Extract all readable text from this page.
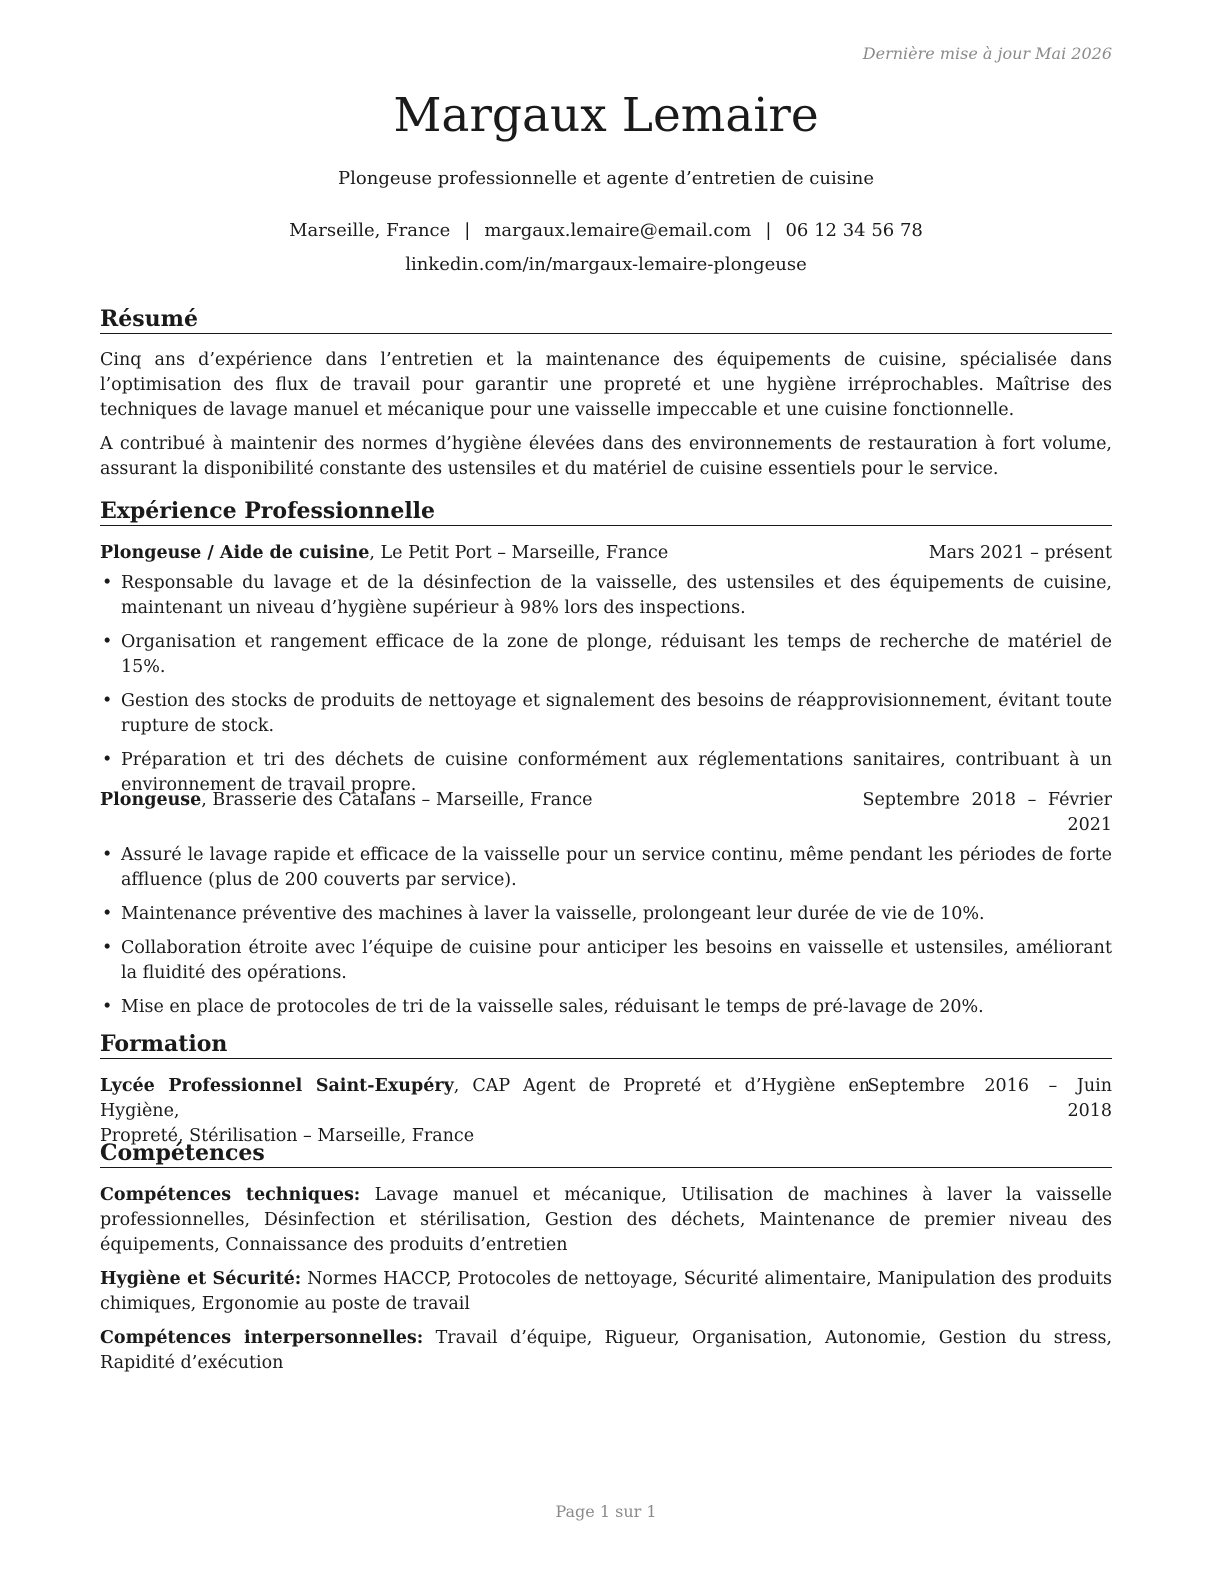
Dernière mise à jour Mai 2026
Margaux Lemaire
Plongeuse professionnelle et agente d’entretien de cuisine
Marseille, France | margaux.lemaire@email.com | 06 12 34 56 78
linkedin.com/in/margaux-lemaire-plongeuse
Résumé
Cinq ans d’expérience dans l’entretien et la maintenance des équipements de cuisine, spécialisée dans l’optimisation des flux de travail pour garantir une propreté et une hygiène irréprochables. Maîtrise des techniques de lavage manuel et mécanique pour une vaisselle impeccable et une cuisine fonctionnelle.
A contribué à maintenir des normes d’hygiène élevées dans des environnements de restauration à fort volume, assurant la disponibilité constante des ustensiles et du matériel de cuisine essentiels pour le service.
Expérience Professionnelle
Plongeuse / Aide de cuisine, Le Petit Port – Marseille, France	Mars 2021 – présent
• Responsable du lavage et de la désinfection de la vaisselle, des ustensiles et des équipements de cuisine, maintenant un niveau d’hygiène supérieur à 98% lors des inspections.
• Organisation et rangement efficace de la zone de plonge, réduisant les temps de recherche de matériel de 15%.
• Gestion des stocks de produits de nettoyage et signalement des besoins de réapprovisionnement, évitant toute rupture de stock.
• Préparation et tri des déchets de cuisine conformément aux réglementations sanitaires, contribuant à un environnement de travail propre.
Plongeuse, Brasserie des Catalans – Marseille, France	Septembre 2018 – Février
2021
• Assuré le lavage rapide et efficace de la vaisselle pour un service continu, même pendant les périodes de forte affluence (plus de 200 couverts par service).
• Maintenance préventive des machines à laver la vaisselle, prolongeant leur durée de vie de 10%.
• Collaboration étroite avec l’équipe de cuisine pour anticiper les besoins en vaisselle et ustensiles, améliorant la fluidité des opérations.
• Mise en place de protocoles de tri de la vaisselle sales, réduisant le temps de pré-lavage de 20%.
Formation
Lycée Professionnel Saint-Exupéry, CAP Agent de Propreté et d’Hygiène en Hygiène,
Propreté, Stérilisation – Marseille, France
Septembre 2016 – Juin
2018
Compétences
Compétences techniques: Lavage manuel et mécanique, Utilisation de machines à laver la vaisselle professionnelles, Désinfection et stérilisation, Gestion des déchets, Maintenance de premier niveau des équipements, Connaissance des produits d’entretien
Hygiène et Sécurité: Normes HACCP, Protocoles de nettoyage, Sécurité alimentaire, Manipulation des produits chimiques, Ergonomie au poste de travail
Compétences interpersonnelles: Travail d’équipe, Rigueur, Organisation, Autonomie, Gestion du stress, Rapidité d’exécution
Page 1 sur 1
